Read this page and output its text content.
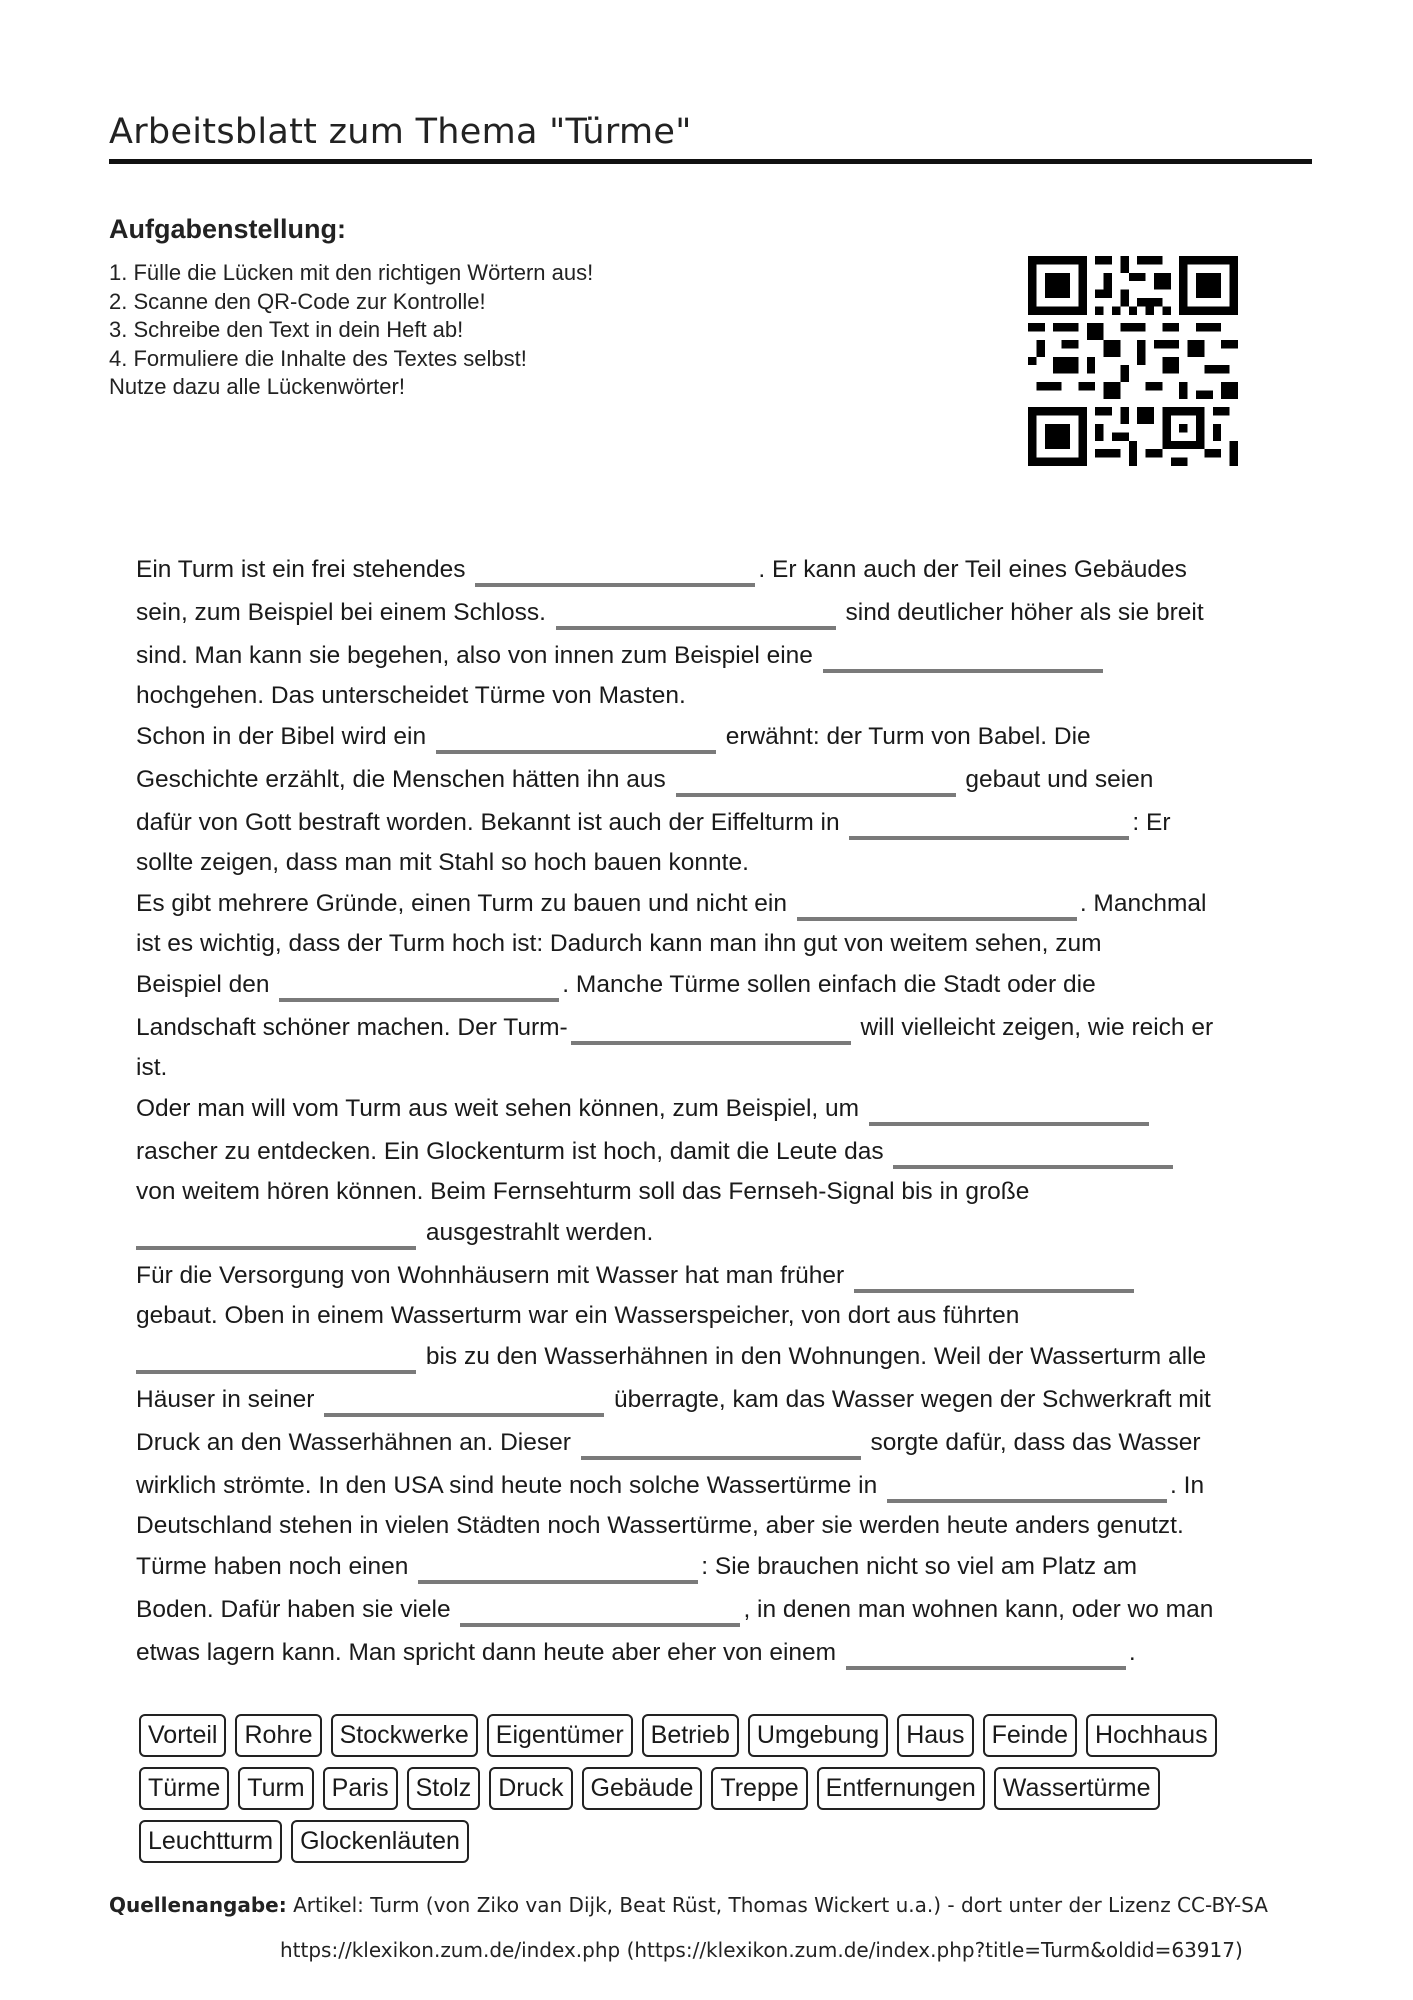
Arbeitsblatt zum Thema "Türme"
Aufgabenstellung:
1. Fülle die Lücken mit den richtigen Wörtern aus!
2. Scanne den QR-Code zur Kontrolle!
3. Schreibe den Text in dein Heft ab!
4. Formuliere die Inhalte des Textes selbst!
Nutze dazu alle Lückenwörter!
Ein Turm ist ein frei stehendes	. Er kann auch der Teil eines Gebäudes
sein, zum Beispiel bei einem Schloss.	sind deutlicher höher als sie breit
sind. Man kann sie begehen, also von innen zum Beispiel eine
hochgehen. Das unterscheidet Türme von Masten.
Schon in der Bibel wird ein	erwähnt: der Turm von Babel. Die
Geschichte erzählt, die Menschen hätten ihn aus	gebaut und seien
dafür von Gott bestraft worden. Bekannt ist auch der Eiffelturm in	: Er
sollte zeigen, dass man mit Stahl so hoch bauen konnte.
Es gibt mehrere Gründe, einen Turm zu bauen und nicht ein	. Manchmal
ist es wichtig, dass der Turm hoch ist: Dadurch kann man ihn gut von weitem sehen, zum
Beispiel den	. Manche Türme sollen einfach die Stadt oder die
Landschaft schöner machen. Der Turm-	will vielleicht zeigen, wie reich er
ist.
Oder man will vom Turm aus weit sehen können, zum Beispiel, um
rascher zu entdecken. Ein Glockenturm ist hoch, damit die Leute das
von weitem hören können. Beim Fernsehturm soll das Fernseh-Signal bis in große
ausgestrahlt werden.
Für die Versorgung von Wohnhäusern mit Wasser hat man früher
gebaut. Oben in einem Wasserturm war ein Wasserspeicher, von dort aus führten
bis zu den Wasserhähnen in den Wohnungen. Weil der Wasserturm alle
Häuser in seiner	überragte, kam das Wasser wegen der Schwerkraft mit
Druck an den Wasserhähnen an. Dieser	sorgte dafür, dass das Wasser
wirklich strömte. In den USA sind heute noch solche Wassertürme in	. In
Deutschland stehen in vielen Städten noch Wassertürme, aber sie werden heute anders genutzt.
Türme haben noch einen	: Sie brauchen nicht so viel am Platz am
Boden. Dafür haben sie viele	, in denen man wohnen kann, oder wo man
etwas lagern kann. Man spricht dann heute aber eher von einem	.
Vorteil	Rohre	Stockwerke	Eigentümer	Betrieb	Umgebung	Haus	Feinde	Hochhaus
Türme	Turm	Paris	Stolz	Druck	Gebäude	Treppe	Entfernungen	Wassertürme
Leuchtturm	Glockenläuten
Quellenangabe: Artikel: Turm (von Ziko van Dijk, Beat Rüst, Thomas Wickert u.a.) - dort unter der Lizenz CC-BY-SA
https://klexikon.zum.de/index.php (https://klexikon.zum.de/index.php?title=Turm&oldid=63917)
